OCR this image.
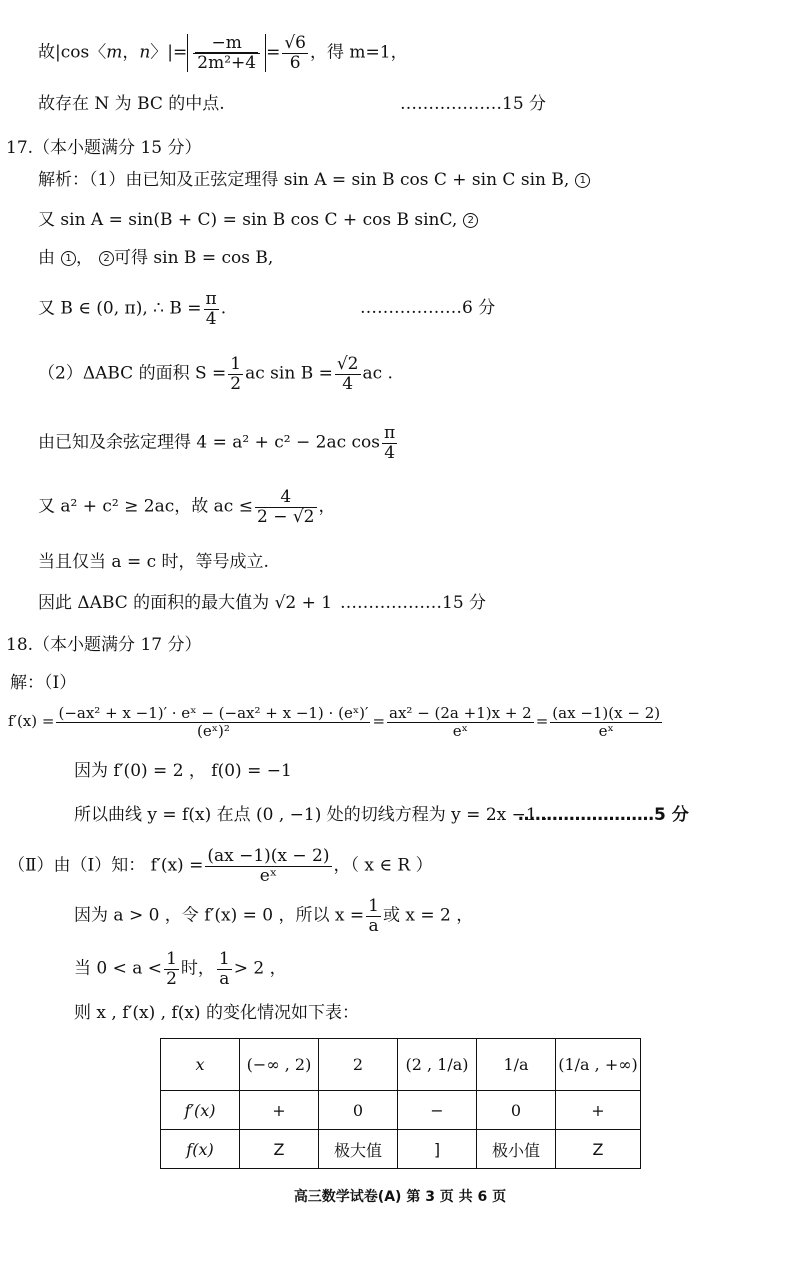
故|cos〈m，n〉|= $\frac{-m}{\text{2m²+4}} = \frac{√6}{6}$ ，得 m=1，
故存在 N 为 BC 的中点.	………………15 分
17.（本小题满分 15 分）
解析：（1）由已知及正弦定理得 sin A = sin B cos C + sin C sin B, 1
又 sin A = sin(B + C) = sin B cos C + cos B sinC, 2
由 1 ， 2 可得 sin B = cos B,
又 B ∈ (0, π), ∴ $B = \frac{\pi}{4}$ .	………………6 分
（2）ΔABC 的面积 $S = \frac{1}{2}$ ac $\sin B = \frac{√2}{4}$ ac .
由已知及余弦定理得 4 = a² + c² − 2ac $\cos \frac{\pi}{4}$
又 a² + c² ≥ 2ac，故 ac ≤ $\frac{4}{2 - √2}$ ，
当且仅当 a = c 时，等号成立.
因此 ΔABC 的面积的最大值为 √2 + 1 ………………15 分
18.（本小题满分 17 分）
解：（Ⅰ）
$f'(x) = \frac{\text{(−ax² + x −1)′ · eˣ − (−ax² + x −1) · (eˣ)′}}{\text{(eˣ)²}} = \frac{\text{ax² − (2a +1)x + 2}}{\text{eˣ}} = \frac{(ax -1)(x - 2)}{\text{eˣ}}$
因为 f′(0) = 2 ， f(0) = −1
所以曲线 y = f(x) 在点 (0 , −1) 处的切线方程为 y = 2x −1 .
……………………5 分
（Ⅱ）由（Ⅰ）知： $f'(x) = \frac{(ax -1)(x - 2)}{\text{eˣ}}$ ，（ x ∈ R ）
因为 a > 0 ，令 f′(x) = 0 ，所以 $x = \frac{1}{a}$ 或 x = 2 ，
当 $0 < a < \frac{1}{2}$ 时， $\frac{1}{a} > 2$ ，
则 x , f′(x) , f(x) 的变化情况如下表：
x	(−∞ , 2)	2	(2 , 1/a)	1/a	(1/a , +∞)
f′(x)	+	0	−	0	+
f(x)	Z	极大值	]	极小值	Z
高三数学试卷(A) 第 3 页 共 6 页
